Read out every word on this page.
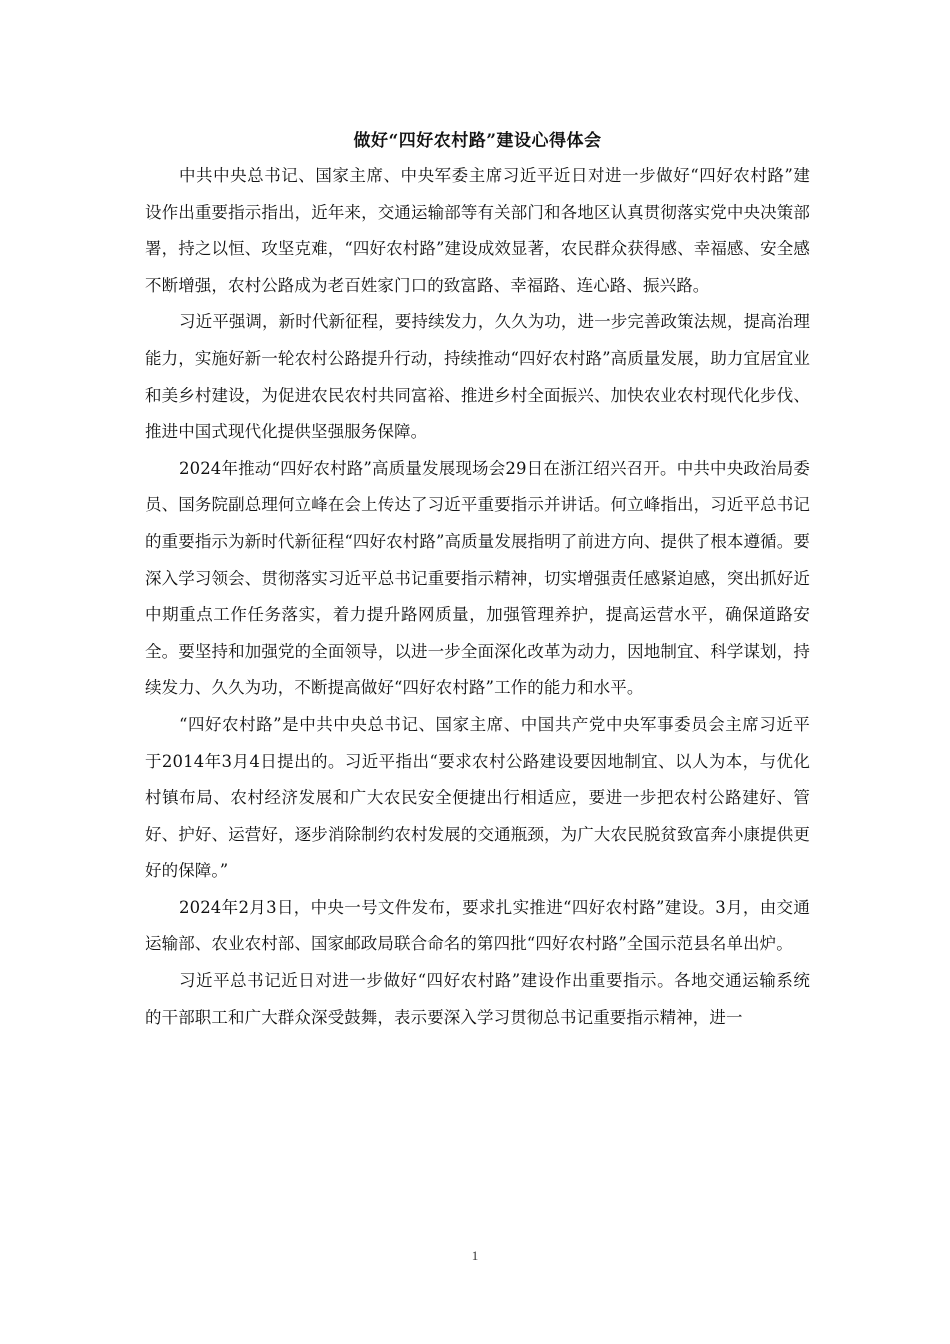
做好“四好农村路”建设心得体会

中共中央总书记、国家主席、中央军委主席习近平近日对进一步做好“四好农村路”建设作出重要指示指出，近年来，交通运输部等有关部门和各地区认真贯彻落实党中央决策部署，持之以恒、攻坚克难，“四好农村路”建设成效显著，农民群众获得感、幸福感、安全感不断增强，农村公路成为老百姓家门口的致富路、幸福路、连心路、振兴路。

习近平强调，新时代新征程，要持续发力，久久为功，进一步完善政策法规，提高治理能力，实施好新一轮农村公路提升行动，持续推动“四好农村路”高质量发展，助力宜居宜业和美乡村建设，为促进农民农村共同富裕、推进乡村全面振兴、加快农业农村现代化步伐、推进中国式现代化提供坚强服务保障。

2024年推动“四好农村路”高质量发展现场会29日在浙江绍兴召开。中共中央政治局委员、国务院副总理何立峰在会上传达了习近平重要指示并讲话。何立峰指出，习近平总书记的重要指示为新时代新征程“四好农村路”高质量发展指明了前进方向、提供了根本遵循。要深入学习领会、贯彻落实习近平总书记重要指示精神，切实增强责任感紧迫感，突出抓好近中期重点工作任务落实，着力提升路网质量，加强管理养护，提高运营水平，确保道路安全。要坚持和加强党的全面领导，以进一步全面深化改革为动力，因地制宜、科学谋划，持续发力、久久为功，不断提高做好“四好农村路”工作的能力和水平。

“四好农村路”是中共中央总书记、国家主席、中国共产党中央军事委员会主席习近平于2014年3月4日提出的。习近平指出“要求农村公路建设要因地制宜、以人为本，与优化村镇布局、农村经济发展和广大农民安全便捷出行相适应，要进一步把农村公路建好、管好、护好、运营好，逐步消除制约农村发展的交通瓶颈，为广大农民脱贫致富奔小康提供更好的保障。”

2024年2月3日，中央一号文件发布，要求扎实推进“四好农村路”建设。3月，由交通运输部、农业农村部、国家邮政局联合命名的第四批“四好农村路”全国示范县名单出炉。

习近平总书记近日对进一步做好“四好农村路”建设作出重要指示。各地交通运输系统的干部职工和广大群众深受鼓舞，表示要深入学习贯彻总书记重要指示精神，进一

1
